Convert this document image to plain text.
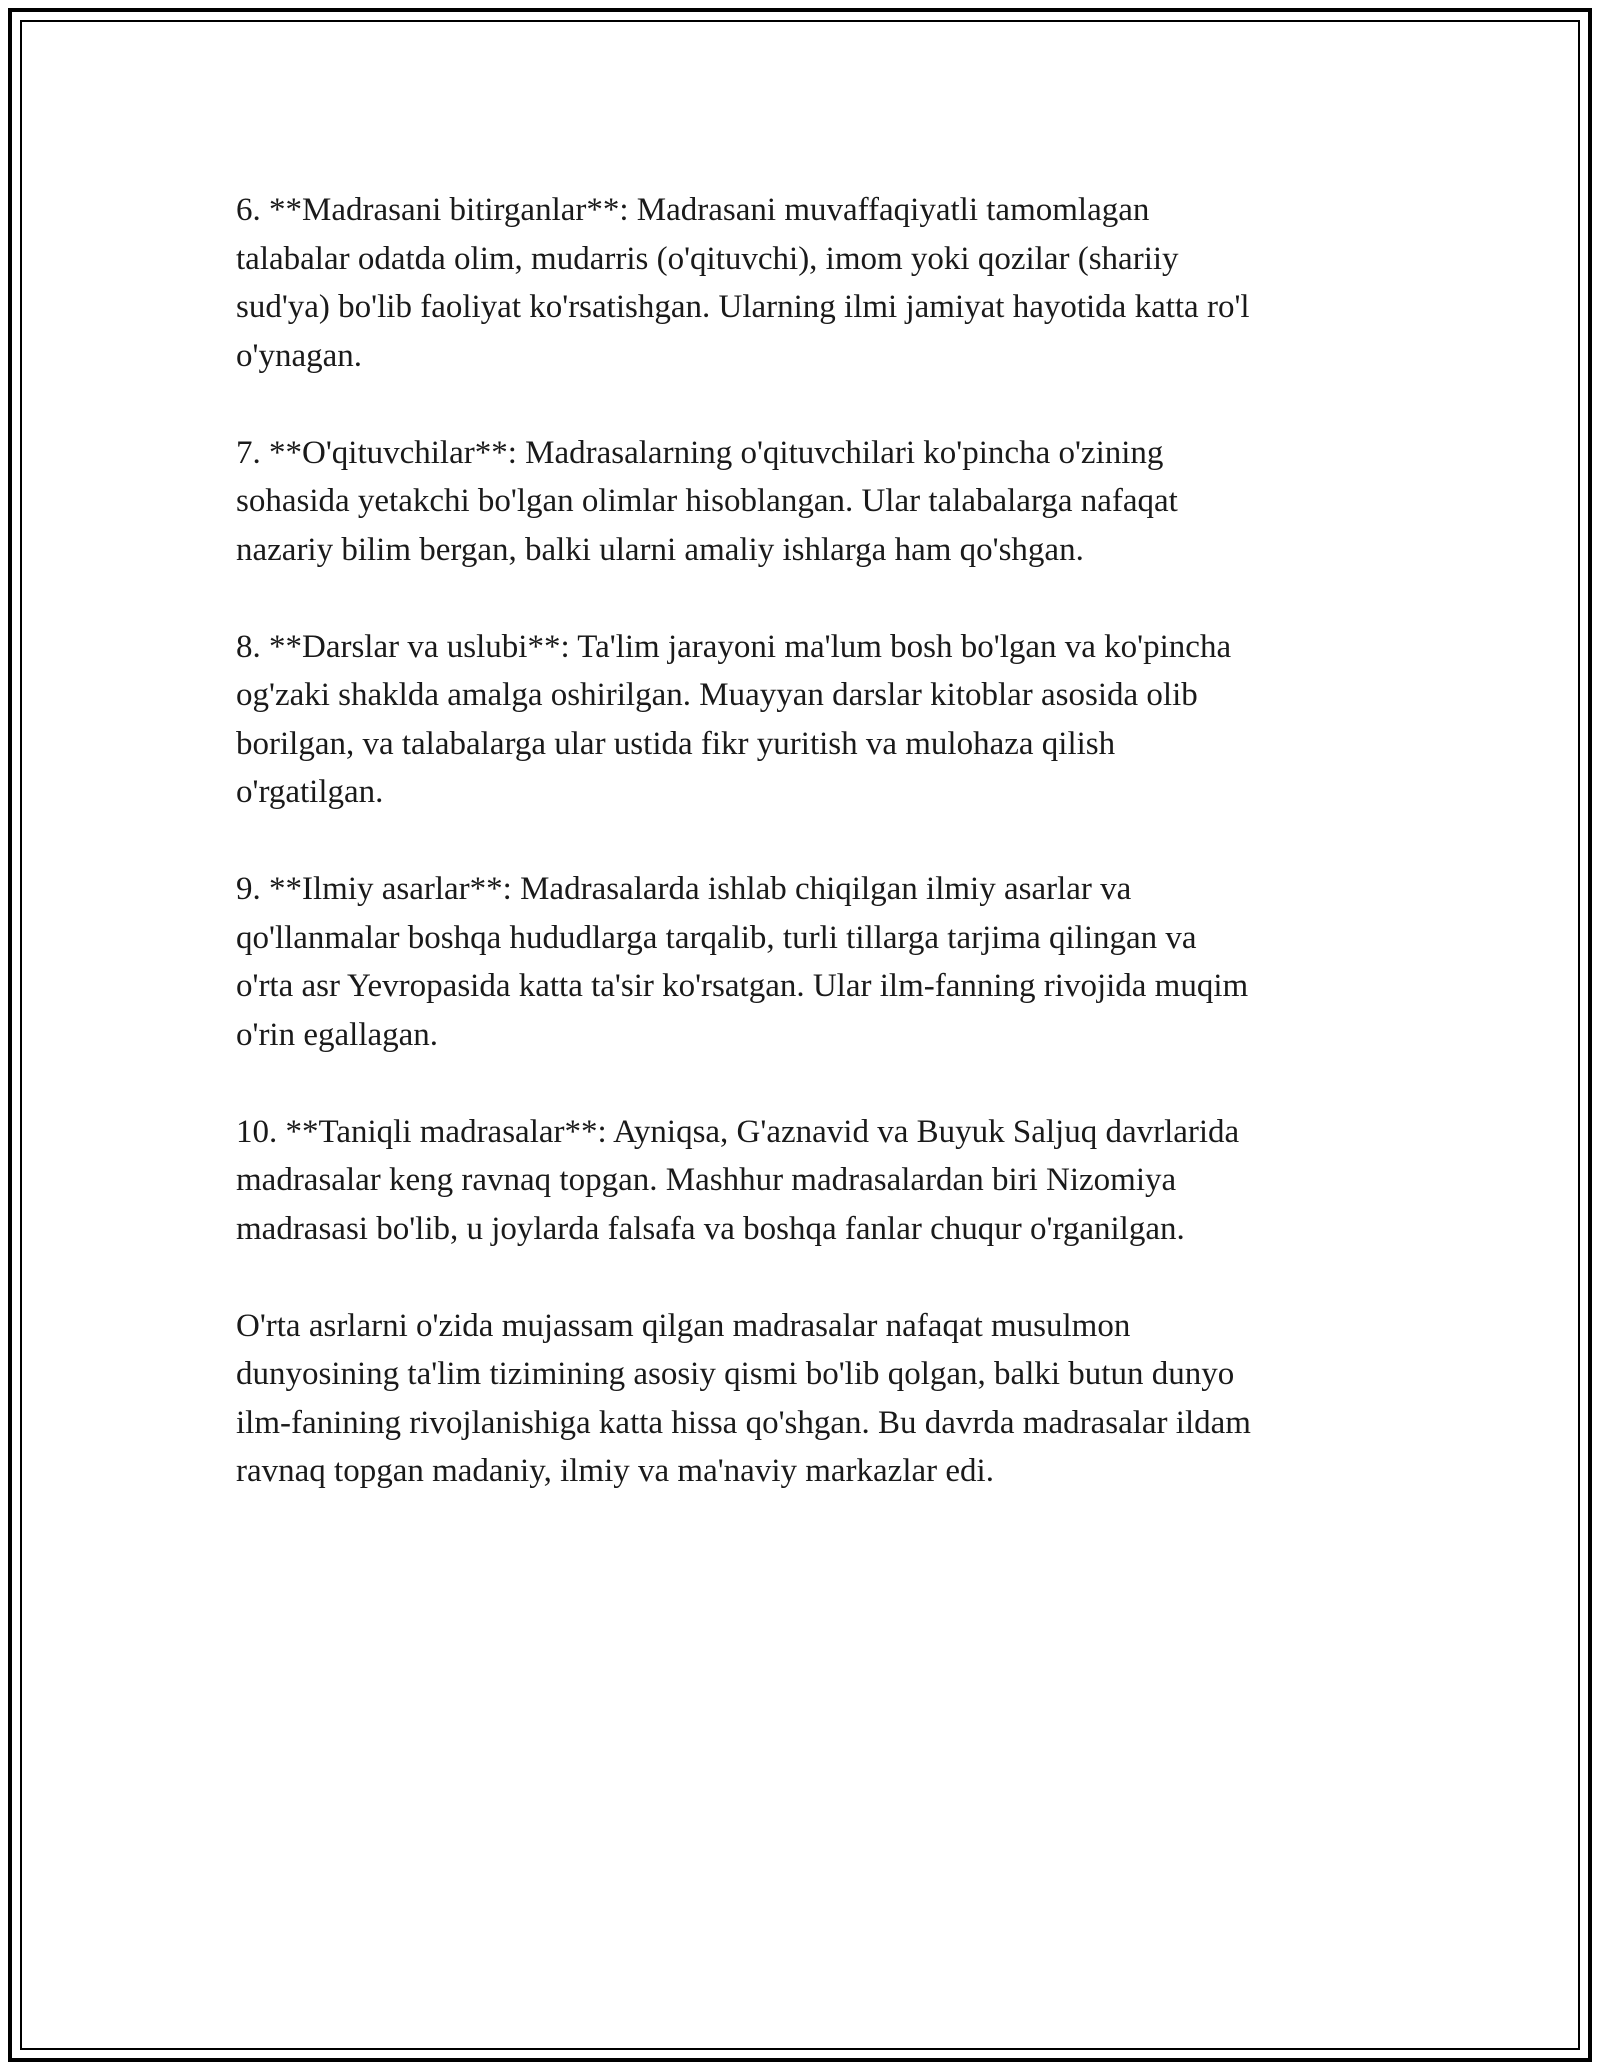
6. **Madrasani bitirganlar**: Madrasani muvaffaqiyatli tamomlagan
talabalar odatda olim, mudarris (o'qituvchi), imom yoki qozilar (shariiy
sud'ya) bo'lib faoliyat ko'rsatishgan. Ularning ilmi jamiyat hayotida katta ro'l
o'ynagan.

7. **O'qituvchilar**: Madrasalarning o'qituvchilari ko'pincha o'zining
sohasida yetakchi bo'lgan olimlar hisoblangan. Ular talabalarga nafaqat
nazariy bilim bergan, balki ularni amaliy ishlarga ham qo'shgan.

8. **Darslar va uslubi**: Ta'lim jarayoni ma'lum bosh bo'lgan va ko'pincha
og'zaki shaklda amalga oshirilgan. Muayyan darslar kitoblar asosida olib
borilgan, va talabalarga ular ustida fikr yuritish va mulohaza qilish
o'rgatilgan.

9. **Ilmiy asarlar**: Madrasalarda ishlab chiqilgan ilmiy asarlar va
qo'llanmalar boshqa hududlarga tarqalib, turli tillarga tarjima qilingan va
o'rta asr Yevropasida katta ta'sir ko'rsatgan. Ular ilm-fanning rivojida muqim
o'rin egallagan.

10. **Taniqli madrasalar**: Ayniqsa, G'aznavid va Buyuk Saljuq davrlarida
madrasalar keng ravnaq topgan. Mashhur madrasalardan biri Nizomiya
madrasasi bo'lib, u joylarda falsafa va boshqa fanlar chuqur o'rganilgan.

O'rta asrlarni o'zida mujassam qilgan madrasalar nafaqat musulmon
dunyosining ta'lim tizimining asosiy qismi bo'lib qolgan, balki butun dunyo
ilm-fanining rivojlanishiga katta hissa qo'shgan. Bu davrda madrasalar ildam
ravnaq topgan madaniy, ilmiy va ma'naviy markazlar edi.
